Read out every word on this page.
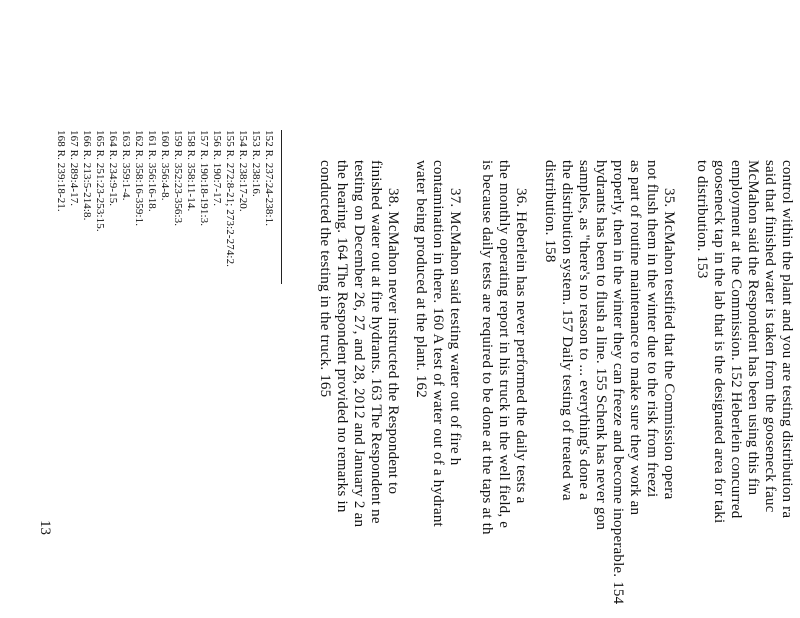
control within the plant and you are testing distribution ra
said that finished water is taken from the gooseneck fauc
McMahon said the Respondent has been using this fin
employment at the Commission. 152 Heberlein concurred
gooseneck tap in the lab that is the designated area for taki
to distribution. 153
35. McMahon testified that the Commission opera
not flush them in the winter due to the risk from freezi
as part of routine maintenance to make sure they work an
properly, then in the winter they can freeze and become inoperable. 154
hydrants has been to flush a line. 155 Schenk has never gon
samples, as "there's no reason to ... everything's done a
the distribution system. 157 Daily testing of treated wa
distribution. 158
36. Heberlein has never performed the daily tests a
the monthly operating report in his truck in the well field, e
is because daily tests are required to be done at the taps at th
37. McMahon said testing water out of fire h
contamination in there. 160 A test of water out of a hydrant
water being produced at the plant. 162
38. McMahon never instructed the Respondent to
finished water out at fire hydrants. 163 The Respondent ne
testing on December 26, 27, and 28, 2012 and January 2 an
the hearing. 164 The Respondent provided no remarks in
conducted the testing in the truck. 165
152 R. 237:24-238:1.
153 R. 238:16.
154 R. 238:17-20.
155 R. 272:8-21; 273:2-274:2.
156 R. 190:7-17.
157 R. 190:18-191:3.
158 R. 358:11-14.
159 R. 352:23-356:3.
160 R. 356:4-8.
161 R. 356:16-18.
162 R. 358:16-359:1.
163 R. 359:1-4.
164 R. 234:9-15.
165 R. 251:23-253:15.
166 R. 213:5-214:8.
167 R. 289:4-17.
168 R. 239:18-21.
13
